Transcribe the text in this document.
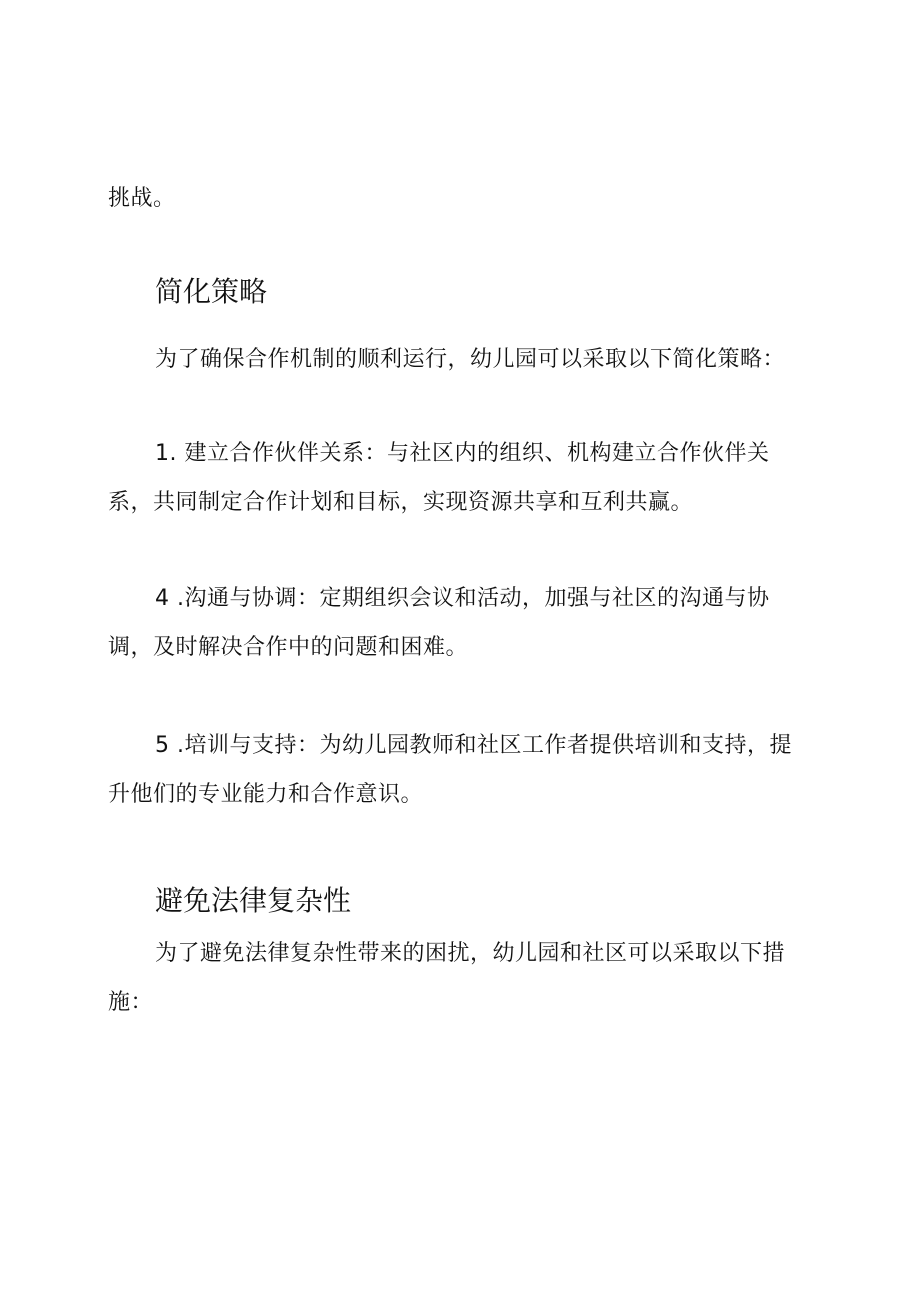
挑战。
简化策略
为了确保合作机制的顺利运行，幼儿园可以采取以下简化策略：
1. 建立合作伙伴关系：与社区内的组织、机构建立合作伙伴关
系，共同制定合作计划和目标，实现资源共享和互利共赢。
4 .沟通与协调：定期组织会议和活动，加强与社区的沟通与协
调，及时解决合作中的问题和困难。
5 .培训与支持：为幼儿园教师和社区工作者提供培训和支持，提
升他们的专业能力和合作意识。
避免法律复杂性
为了避免法律复杂性带来的困扰，幼儿园和社区可以采取以下措
施：
